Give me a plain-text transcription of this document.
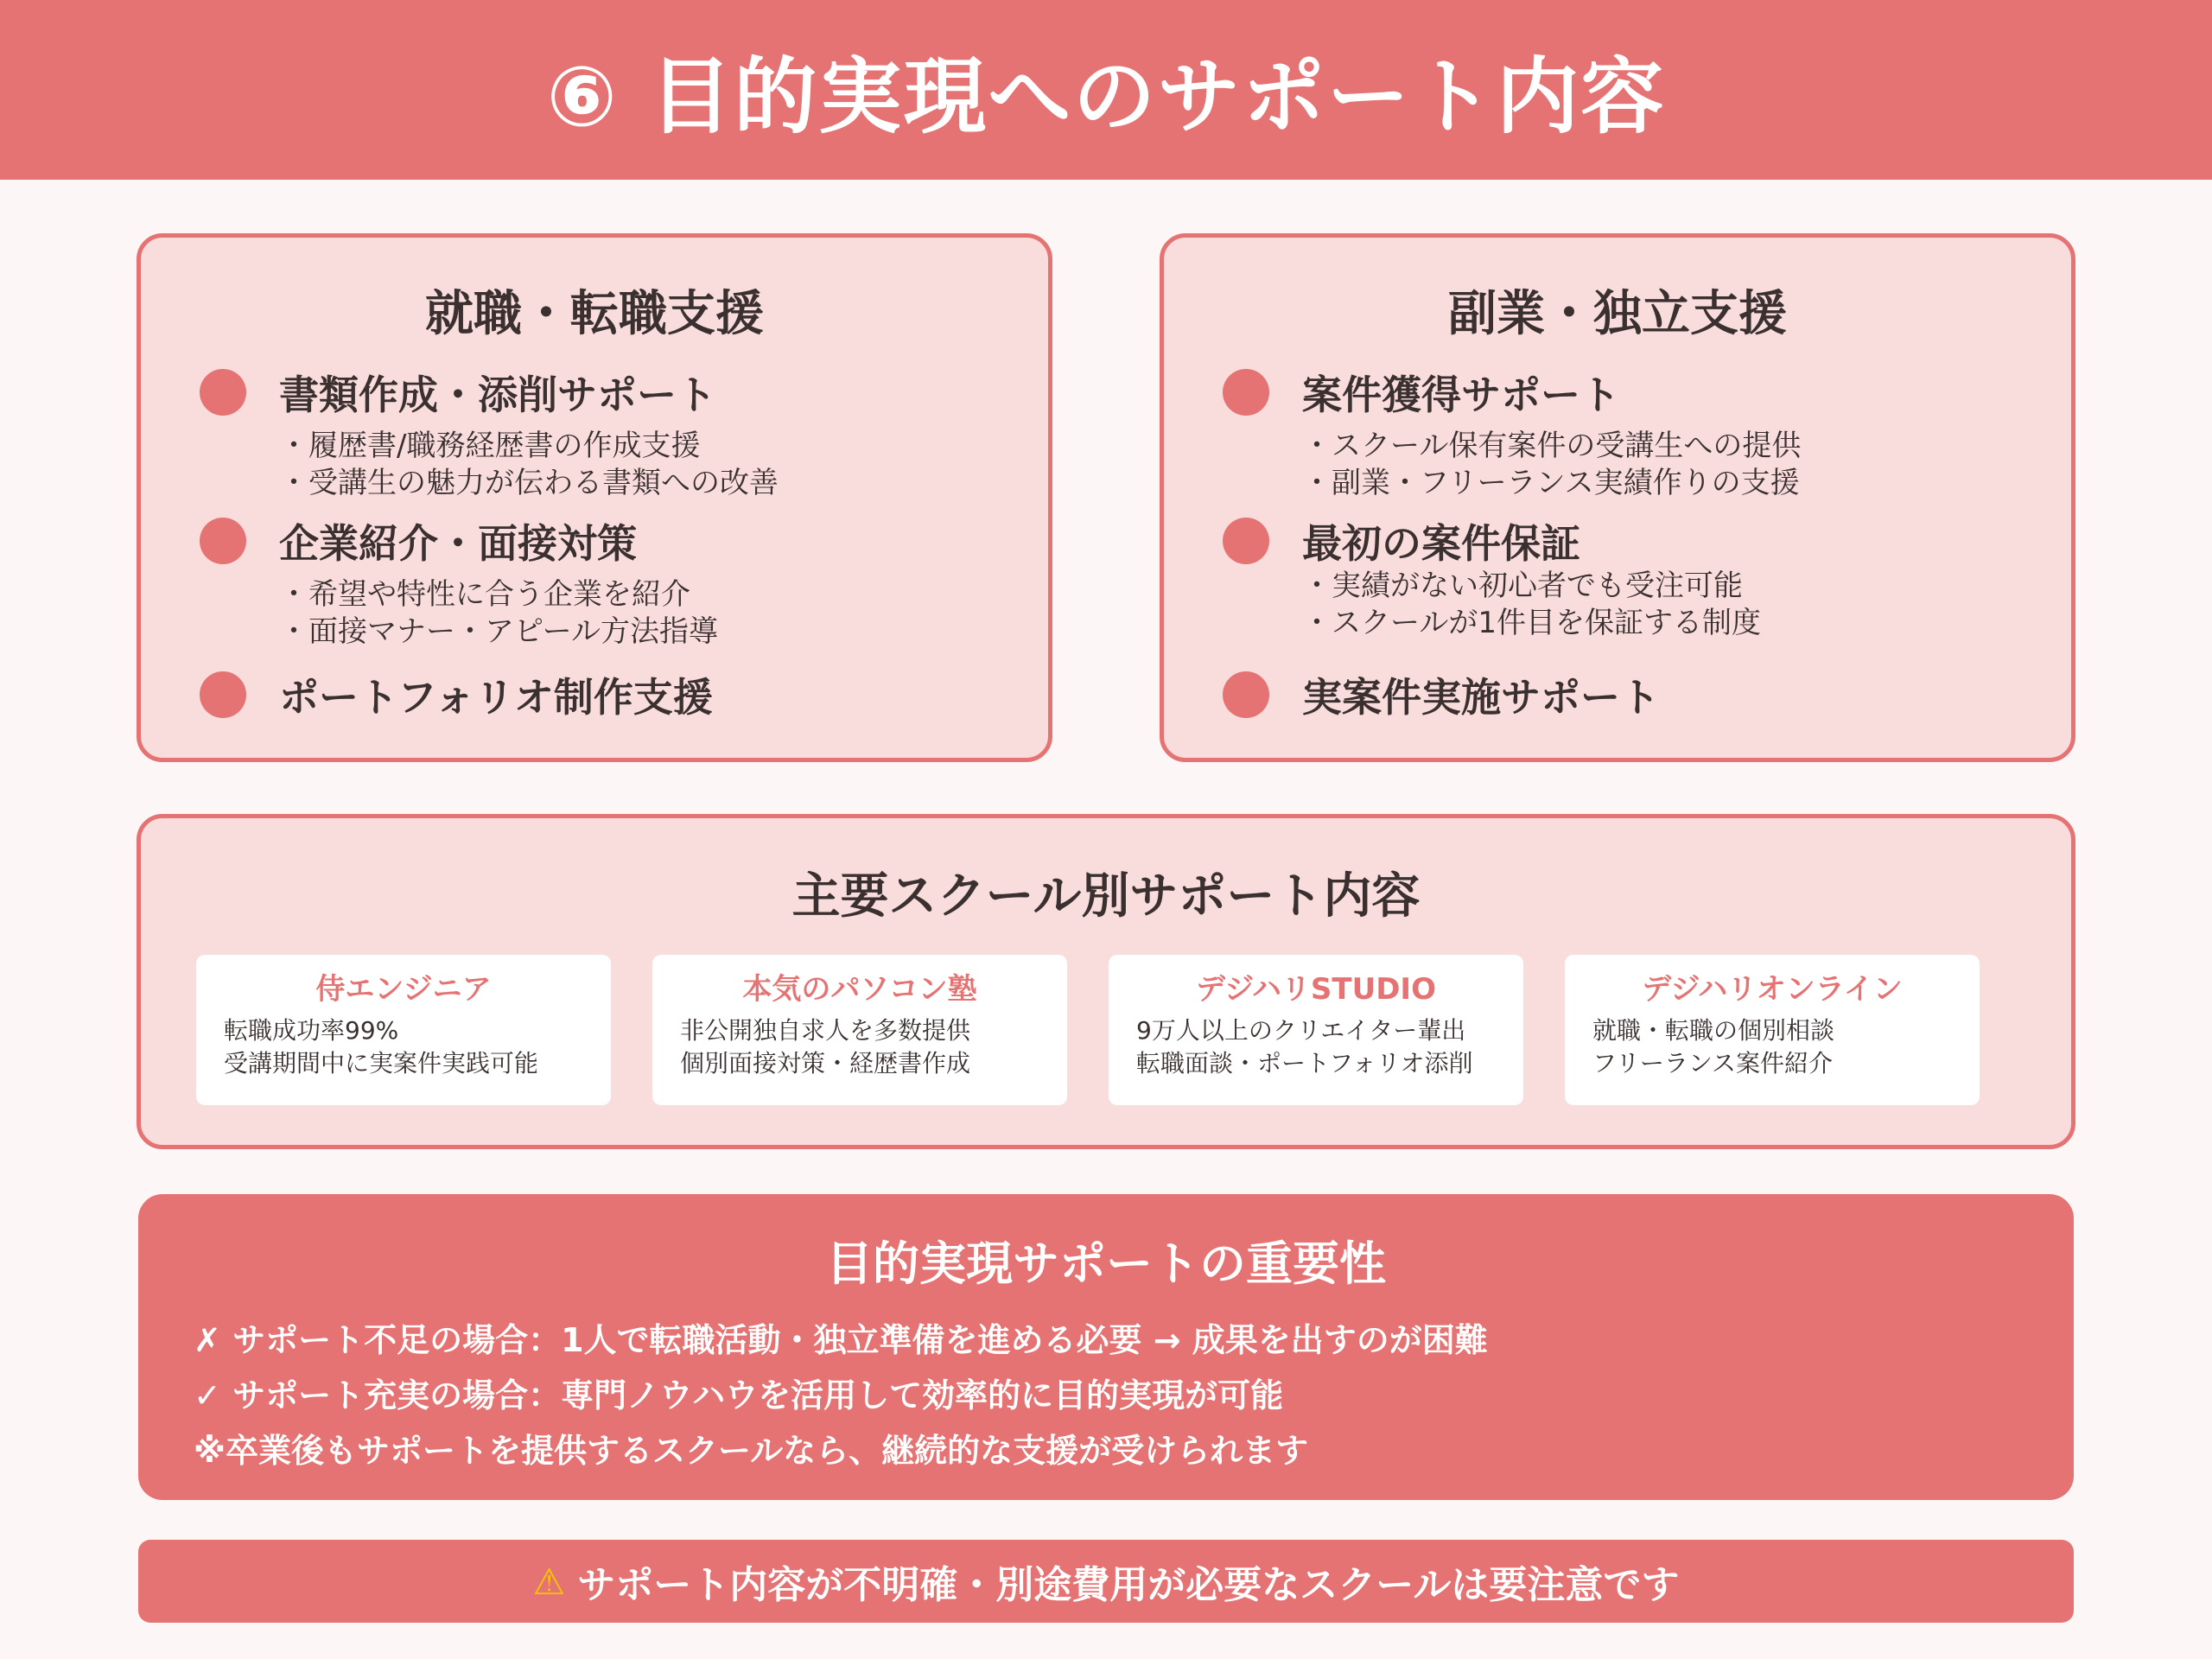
⑥ 目的実現へのサポート内容
就職・転職支援
書類作成・添削サポート
・履歴書/職務経歴書の作成支援
・受講生の魅力が伝わる書類への改善
企業紹介・面接対策
・希望や特性に合う企業を紹介
・面接マナー・アピール方法指導
ポートフォリオ制作支援
副業・独立支援
案件獲得サポート
・スクール保有案件の受講生への提供
・副業・フリーランス実績作りの支援
最初の案件保証
・実績がない初心者でも受注可能
・スクールが1件目を保証する制度
実案件実施サポート
主要スクール別サポート内容
侍エンジニア
転職成功率99%
受講期間中に実案件実践可能
本気のパソコン塾
非公開独自求人を多数提供
個別面接対策・経歴書作成
デジハリSTUDIO
9万人以上のクリエイター輩出
転職面談・ポートフォリオ添削
デジハリオンライン
就職・転職の個別相談
フリーランス案件紹介
目的実現サポートの重要性
✗ サポート不足の場合：1人で転職活動・独立準備を進める必要 → 成果を出すのが困難
✓ サポート充実の場合：専門ノウハウを活用して効率的に目的実現が可能
※卒業後もサポートを提供するスクールなら、継続的な支援が受けられます
⚠ サポート内容が不明確・別途費用が必要なスクールは要注意です
